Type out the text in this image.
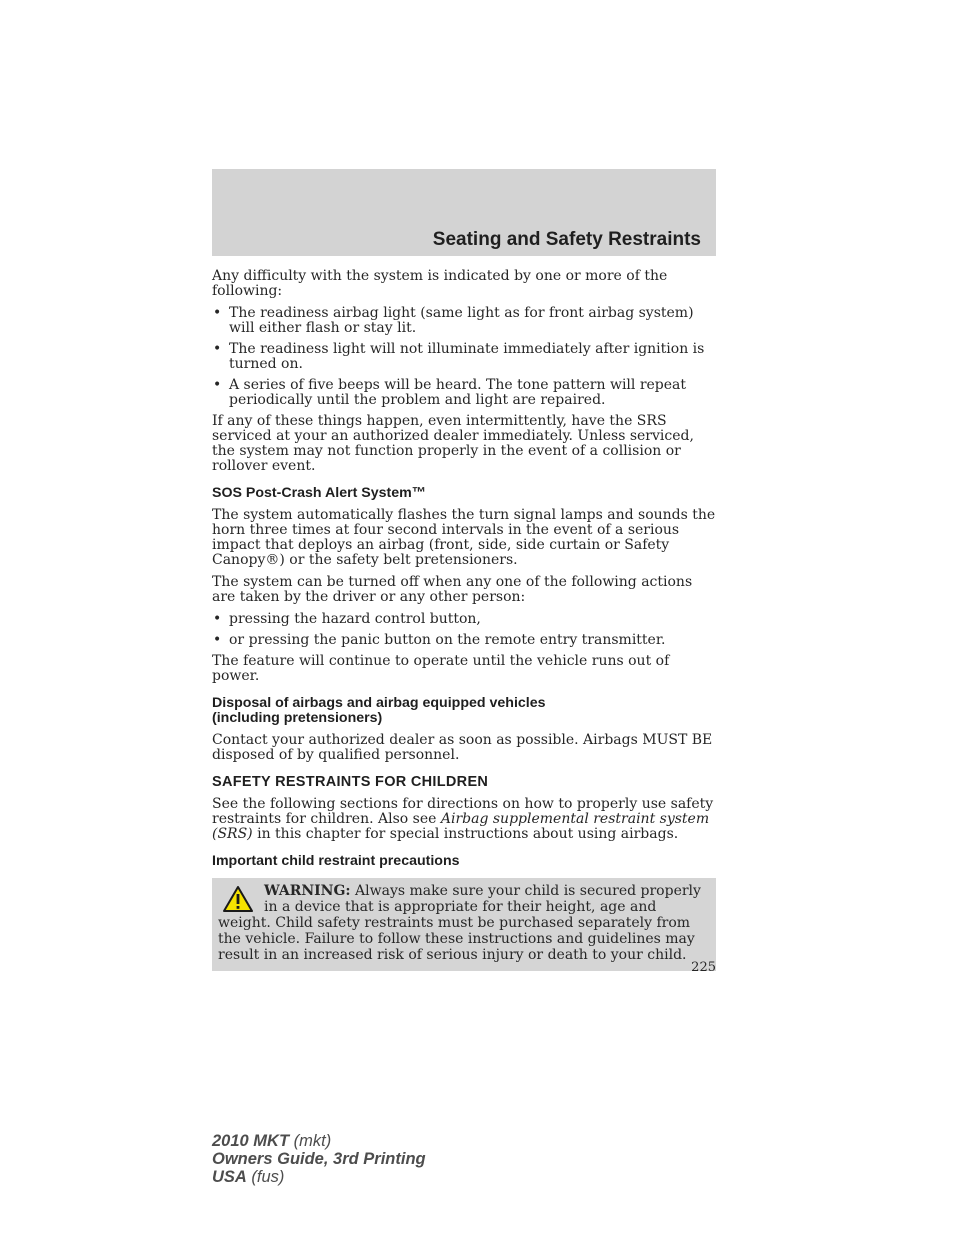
Seating and Safety Restraints

Any difficulty with the system is indicated by one or more of the following:

• The readiness airbag light (same light as for front airbag system) will either flash or stay lit.
• The readiness light will not illuminate immediately after ignition is turned on.
• A series of five beeps will be heard. The tone pattern will repeat periodically until the problem and light are repaired.

If any of these things happen, even intermittently, have the SRS serviced at your an authorized dealer immediately. Unless serviced, the system may not function properly in the event of a collision or rollover event.

SOS Post-Crash Alert System™

The system automatically flashes the turn signal lamps and sounds the horn three times at four second intervals in the event of a serious impact that deploys an airbag (front, side, side curtain or Safety Canopy®) or the safety belt pretensioners.

The system can be turned off when any one of the following actions are taken by the driver or any other person:

• pressing the hazard control button,
• or pressing the panic button on the remote entry transmitter.

The feature will continue to operate until the vehicle runs out of power.

Disposal of airbags and airbag equipped vehicles
(including pretensioners)

Contact your authorized dealer as soon as possible. Airbags MUST BE disposed of by qualified personnel.

SAFETY RESTRAINTS FOR CHILDREN

See the following sections for directions on how to properly use safety restraints for children. Also see Airbag supplemental restraint system (SRS) in this chapter for special instructions about using airbags.

Important child restraint precautions
WARNING: Always make sure your child is secured properly in a device that is appropriate for their height, age and weight. Child safety restraints must be purchased separately from the vehicle. Failure to follow these instructions and guidelines may result in an increased risk of serious injury or death to your child.
225
2010 MKT (mkt)
Owners Guide, 3rd Printing
USA (fus)
